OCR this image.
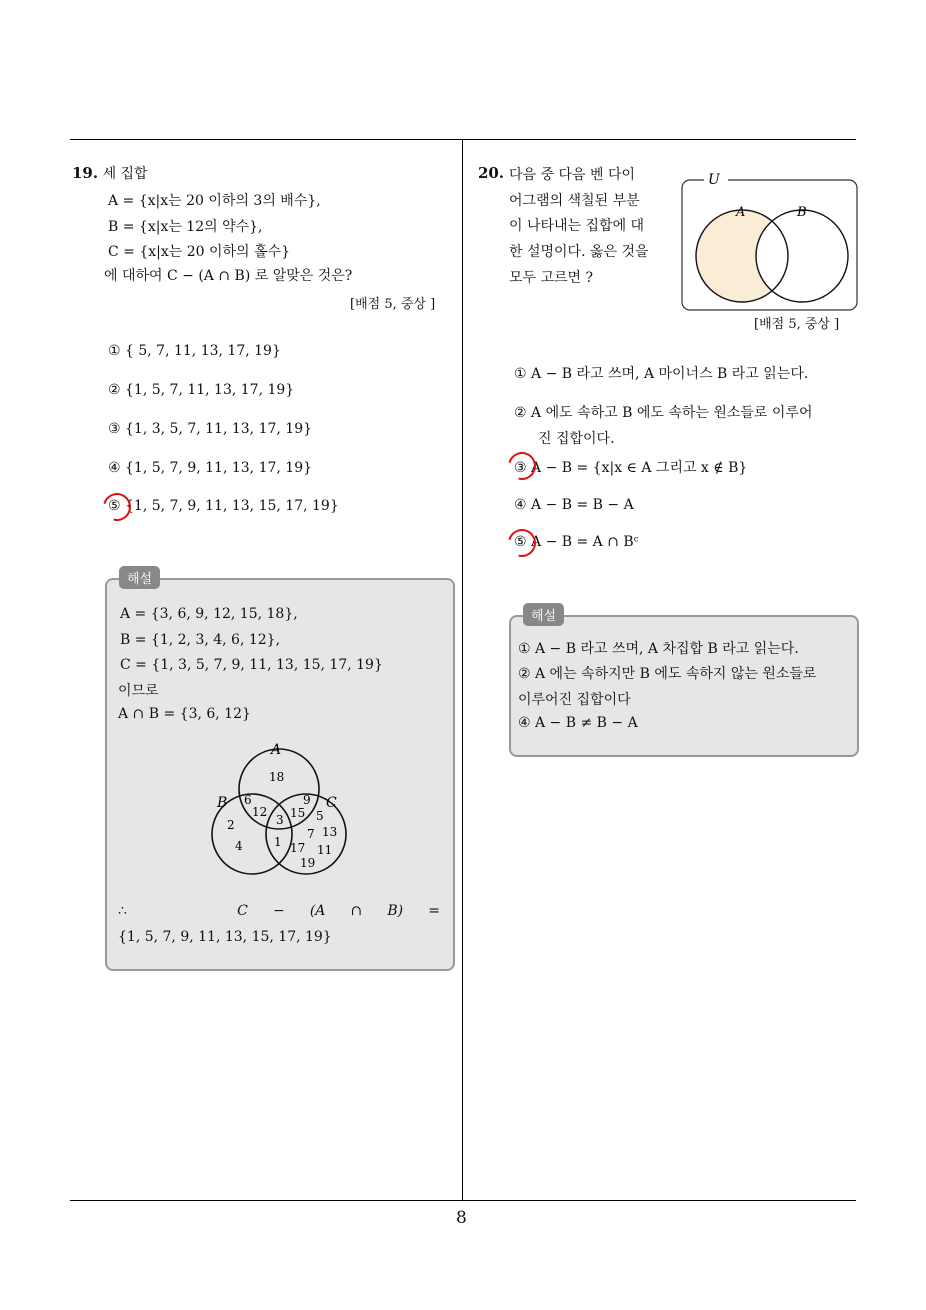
19. 세 집합
A = {x|x는 20 이하의 3의 배수},
B = {x|x는 12의 약수},
C = {x|x는 20 이하의 홀수}
에 대하여 C − (A ∩ B) 로 알맞은 것은?
[배점 5, 중상 ]
① { 5, 7, 11, 13, 17, 19}
② {1, 5, 7, 11, 13, 17, 19}
③ {1, 3, 5, 7, 11, 13, 17, 19}
④ {1, 5, 7, 9, 11, 13, 17, 19}
⑤ {1, 5, 7, 9, 11, 13, 15, 17, 19}
해설
A = {3, 6, 9, 12, 15, 18},
B = {1, 2, 3, 4, 6, 12},
C = {1, 3, 5, 7, 9, 11, 13, 15, 17, 19}
이므로
A ∩ B = {3, 6, 12}
A
B	C
18
6
12
9
3 15 5
2
7 13
4	1 17 11
19
∴	C − (A ∩ B) =
{1, 5, 7, 9, 11, 13, 15, 17, 19}
20. 다음 중 다음 벤 다이
어그램의 색칠된 부분
이 나타내는 집합에 대
한 설명이다. 옳은 것을
모두 고르면 ?
U
A	B
[배점 5, 중상 ]
① A − B 라고 쓰며, A 마이너스 B 라고 읽는다.
② A 에도 속하고 B 에도 속하는 원소들로 이루어
진 집합이다.
③ A − B = {x|x ∈ A 그리고 x ∉ B}
④ A − B = B − A
⑤ A − B = A ∩ Bᶜ
해설
① A − B 라고 쓰며, A 차집합 B 라고 읽는다.
② A 에는 속하지만 B 에도 속하지 않는 원소들로
이루어진 집합이다
④ A − B ≠ B − A
8
